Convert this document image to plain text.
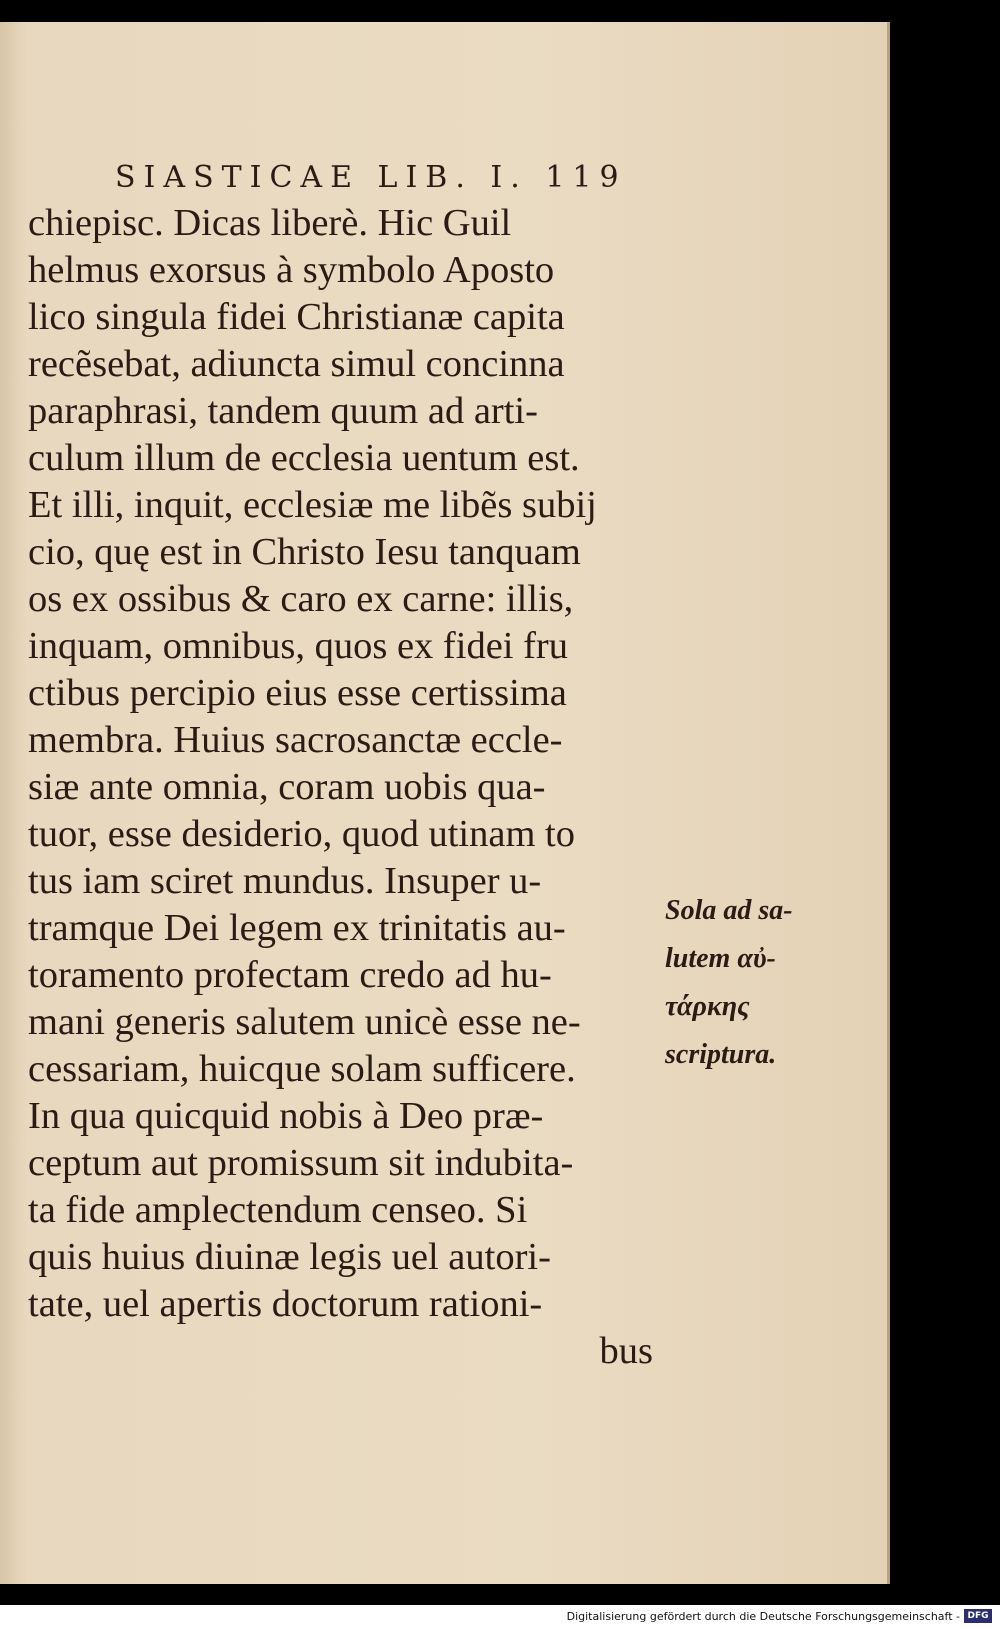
SIASTICAE LIB. I. 119
chiepisc. Dicas liberè. Hic Guil
helmus exorsus à symbolo Aposto
lico singula fidei Christianæ capita
recẽsebat, adiuncta simul concinna
paraphrasi, tandem quum ad arti-
culum illum de ecclesia uentum est.
Et illi, inquit, ecclesiæ me libẽs subij
cio, quę est in Christo Iesu tanquam
os ex ossibus & caro ex carne: illis,
inquam, omnibus, quos ex fidei fru
ctibus percipio eius esse certissima
membra. Huius sacrosanctæ eccle-
siæ ante omnia, coram uobis qua-
tuor, esse desiderio, quod utinam to
tus iam sciret mundus. Insuper u-
tramque Dei legem ex trinitatis au-
toramento profectam credo ad hu-
mani generis salutem unicè esse ne-
cessariam, huicque solam sufficere.
In qua quicquid nobis à Deo præ-
ceptum aut promissum sit indubita-
ta fide amplectendum censeo. Si
quis huius diuinæ legis uel autori-
tate, uel apertis doctorum rationi-
bus
Sola ad sa-
lutem αὐ-
τάρκης
scriptura.
Digitalisierung gefördert durch die Deutsche Forschungsgemeinschaft - DFG
